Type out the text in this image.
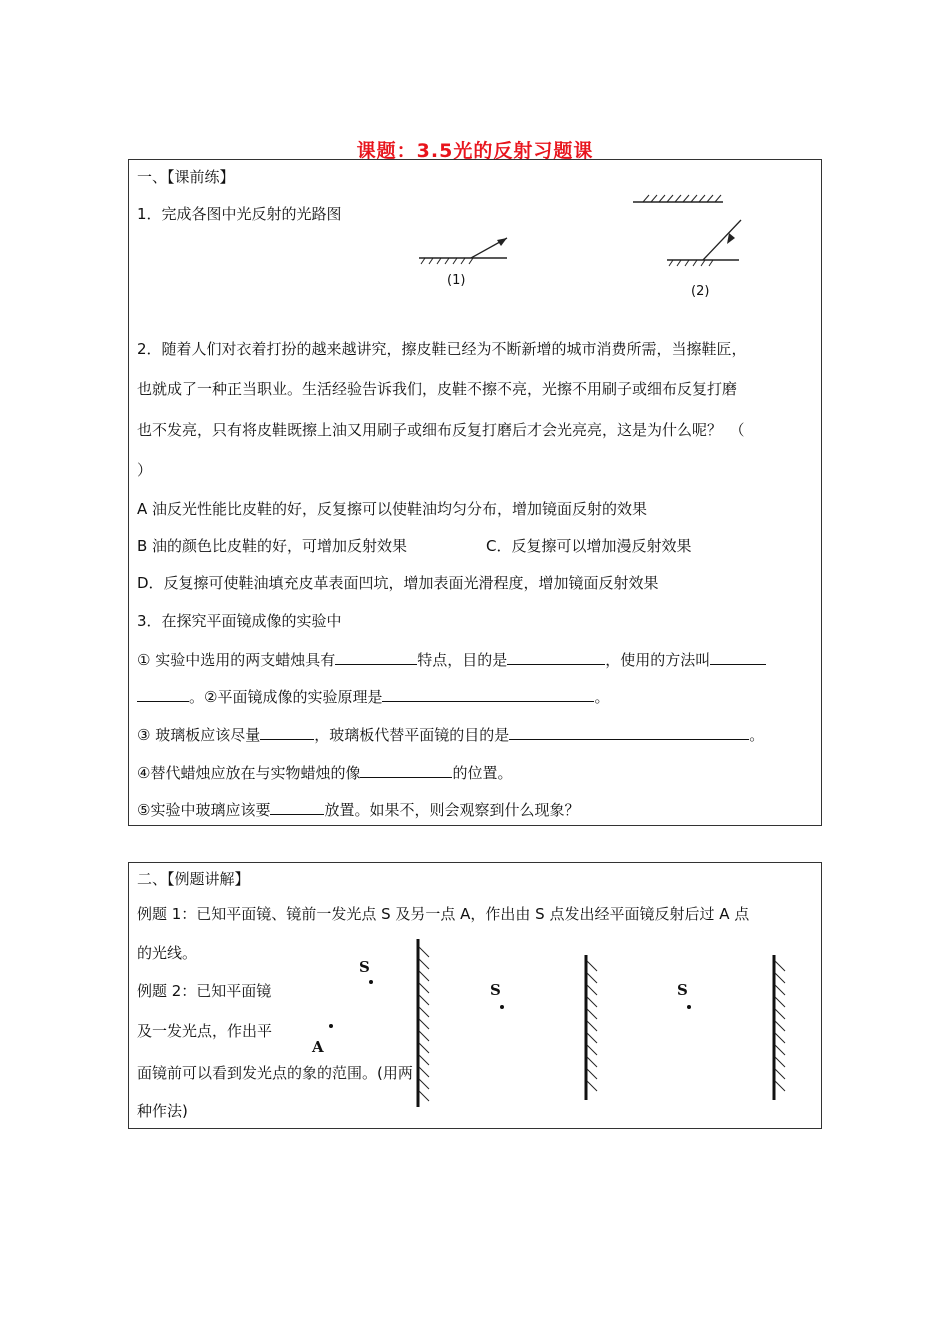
课题：3.5光的反射习题课
一、【课前练】
1．完成各图中光反射的光路图
(1)
(2)
2．随着人们对衣着打扮的越来越讲究，擦皮鞋已经为不断新增的城市消费所需，当擦鞋匠，
也就成了一种正当职业。生活经验告诉我们，皮鞋不擦不亮，光擦不用刷子或细布反复打磨
也不发亮，只有将皮鞋既擦上油又用刷子或细布反复打磨后才会光亮亮，这是为什么呢？　（
）
A 油反光性能比皮鞋的好，反复擦可以使鞋油均匀分布，增加镜面反射的效果
B 油的颜色比皮鞋的好，可增加反射效果	C．反复擦可以增加漫反射效果
D．反复擦可使鞋油填充皮革表面凹坑，增加表面光滑程度，增加镜面反射效果
3．在探究平面镜成像的实验中
① 实验中选用的两支蜡烛具有	特点，目的是	，使用的方法叫
。②平面镜成像的实验原理是	。
③ 玻璃板应该尽量	，玻璃板代替平面镜的目的是	。
④替代蜡烛应放在与实物蜡烛的像	的位置。
⑤实验中玻璃应该要	放置。如果不，则会观察到什么现象？
二、【例题讲解】
例题 1：已知平面镜、镜前一发光点 S 及另一点 A，作出由 S 点发出经平面镜反射后过 A 点
的光线。
例题 2：已知平面镜
及一发光点，作出平
面镜前可以看到发光点的象的范围。(用两
种作法)
S
A
S	S
